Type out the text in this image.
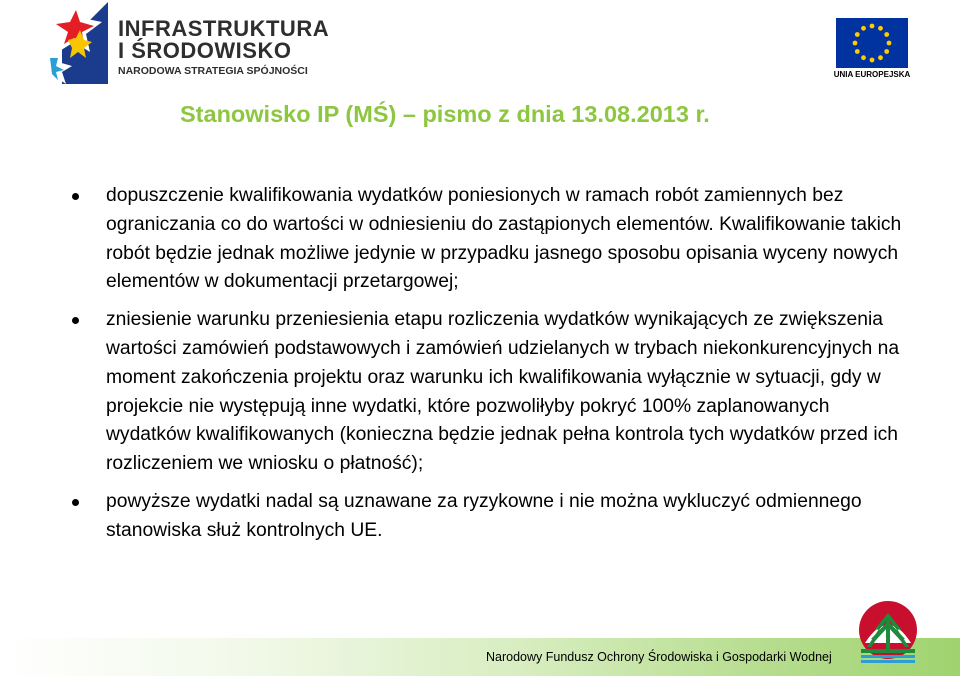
INFRASTRUKTURA
I ŚRODOWISKO
NARODOWA STRATEGIA SPÓJNOŚCI	UNIA EUROPEJSKA
Stanowisko IP (MŚ) – pismo z dnia 13.08.2013 r.
dopuszczenie kwalifikowania wydatków poniesionych w ramach robót zamiennych bez ograniczania co do wartości w odniesieniu do zastąpionych elementów. Kwalifikowanie takich robót będzie jednak możliwe jedynie w przypadku jasnego sposobu opisania wyceny nowych elementów w dokumentacji przetargowej;
zniesienie warunku przeniesienia etapu rozliczenia wydatków wynikających ze zwiększenia wartości zamówień podstawowych i zamówień udzielanych w trybach niekonkurencyjnych na moment zakończenia projektu oraz warunku ich kwalifikowania wyłącznie w sytuacji, gdy w projekcie nie występują inne wydatki, które pozwoliłyby pokryć 100% zaplanowanych wydatków kwalifikowanych (konieczna będzie jednak pełna kontrola tych wydatków przed ich rozliczeniem we wniosku o płatność);
powyższe wydatki nadal są uznawane za ryzykowne i nie można wykluczyć odmiennego stanowiska służ kontrolnych UE.
Narodowy Fundusz Ochrony Środowiska i Gospodarki Wodnej
